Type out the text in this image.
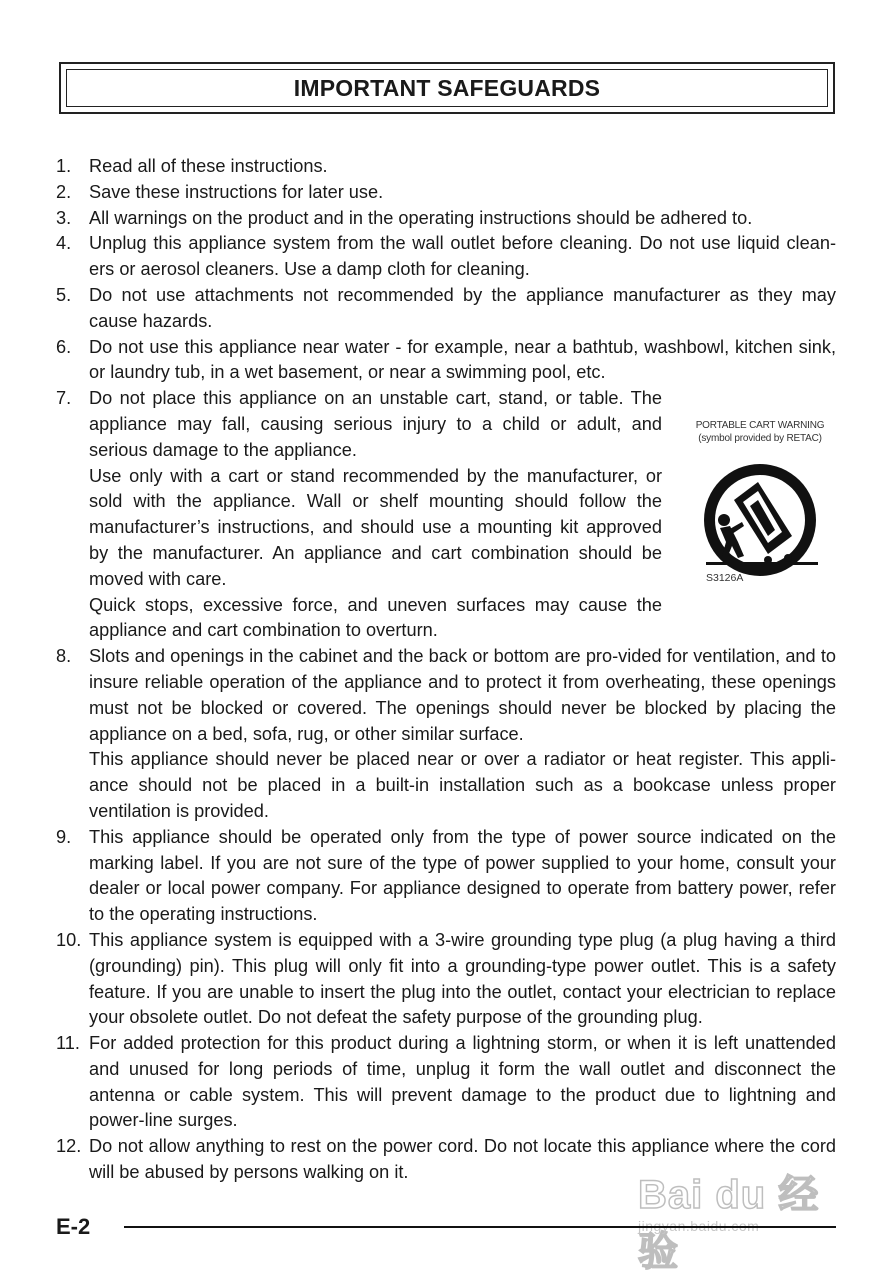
IMPORTANT SAFEGUARDS
1. Read all of these instructions.
2. Save these instructions for later use.
3. All warnings on the product and in the operating instructions should be adhered to.
4. Unplug this appliance system from the wall outlet before cleaning. Do not use liquid clean-ers or aerosol cleaners. Use a damp cloth for cleaning.
5. Do not use attachments not recommended by the appliance manufacturer as they may cause hazards.
6. Do not use this appliance near water - for example, near a bathtub, washbowl, kitchen sink, or laundry tub, in a wet basement, or near a swimming pool, etc.
7. Do not place this appliance on an unstable cart, stand, or table. The
appliance may fall, causing serious injury to a child or adult, and
serious damage to the appliance.
Use only with a cart or stand recommended by the manufacturer, or
sold with the appliance. Wall or shelf mounting should follow the
manufacturer’s instructions, and should use a mounting kit approved
by the manufacturer. An appliance and cart combination should be
moved with care.
Quick stops, excessive force, and uneven surfaces may cause the
appliance and cart combination to overturn.
8. Slots and openings in the cabinet and the back or bottom are pro-vided for ventilation, and to insure reliable operation of the appliance and to protect it from overheating, these openings must not be blocked or covered. The openings should never be blocked by placing the appliance on a bed, sofa, rug, or other similar surface.
This appliance should never be placed near or over a radiator or heat register. This appli-ance should not be placed in a built-in installation such as a bookcase unless proper ventilation is provided.
9. This appliance should be operated only from the type of power source indicated on the marking label. If you are not sure of the type of power supplied to your home, consult your dealer or local power company. For appliance designed to operate from battery power, refer to the operating instructions.
10. This appliance system is equipped with a 3-wire grounding type plug (a plug having a third (grounding) pin). This plug will only fit into a grounding-type power outlet. This is a safety feature. If you are unable to insert the plug into the outlet, contact your electrician to replace your obsolete outlet. Do not defeat the safety purpose of the grounding plug.
11. For added protection for this product during a lightning storm, or when it is left unattended and unused for long periods of time, unplug it form the wall outlet and disconnect the antenna or cable system. This will prevent damage to the product due to lightning and power-line surges.
12. Do not allow anything to rest on the power cord. Do not locate this appliance where the cord will be abused by persons walking on it.
PORTABLE CART WARNING
(symbol provided by RETAC)
S3126A
Bai du 经验
jingyan.baidu.com
E-2
